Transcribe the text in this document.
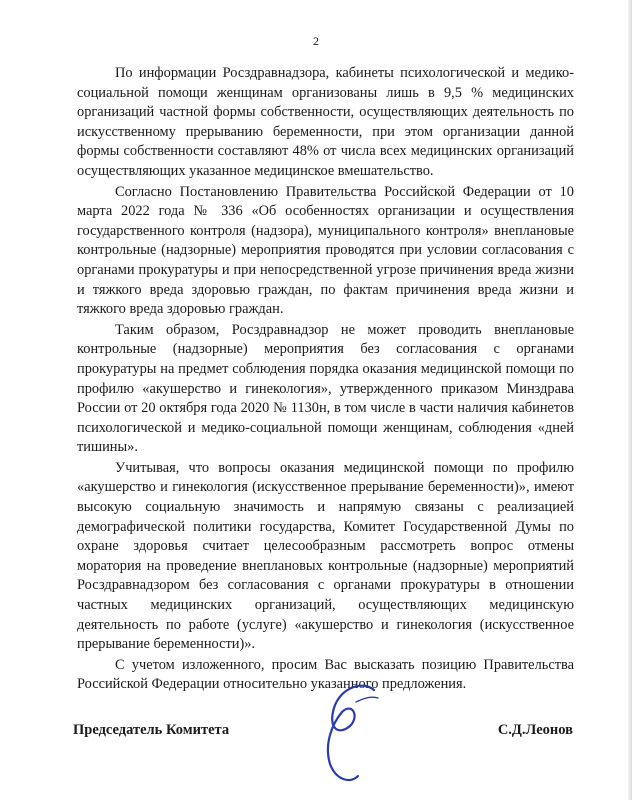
2

По информации Росздравнадзора, кабинеты психологической и медико-социальной помощи женщинам организованы лишь в 9,5 % медицинских организаций частной формы собственности, осуществляющих деятельность по искусственному прерыванию беременности, при этом организации данной формы собственности составляют 48% от числа всех медицинских организаций осуществляющих указанное медицинское вмешательство.

Согласно Постановлению Правительства Российской Федерации от 10 марта 2022 года № 336 «Об особенностях организации и осуществления государственного контроля (надзора), муниципального контроля» внеплановые контрольные (надзорные) мероприятия проводятся при условии согласования с органами прокуратуры и при непосредственной угрозе причинения вреда жизни и тяжкого вреда здоровью граждан, по фактам причинения вреда жизни и тяжкого вреда здоровью граждан.

Таким образом, Росздравнадзор не может проводить внеплановые контрольные (надзорные) мероприятия без согласования с органами прокуратуры на предмет соблюдения порядка оказания медицинской помощи по профилю «акушерство и гинекология», утвержденного приказом Минздрава России от 20 октября года 2020 № 1130н, в том числе в части наличия кабинетов психологической и медико-социальной помощи женщинам, соблюдения «дней тишины».

Учитывая, что вопросы оказания медицинской помощи по профилю «акушерство и гинекология (искусственное прерывание беременности)», имеют высокую социальную значимость и напрямую связаны с реализацией демографической политики государства, Комитет Государственной Думы по охране здоровья считает целесообразным рассмотреть вопрос отмены моратория на проведение внеплановых контрольные (надзорные) мероприятий Росздравнадзором без согласования с органами прокуратуры в отношении частных медицинских организаций, осуществляющих медицинскую деятельность по работе (услуге) «акушерство и гинекология (искусственное прерывание беременности)».

С учетом изложенного, просим Вас высказать позицию Правительства Российской Федерации относительно указанного предложения.

Председатель Комитета	С.Д.Леонов
